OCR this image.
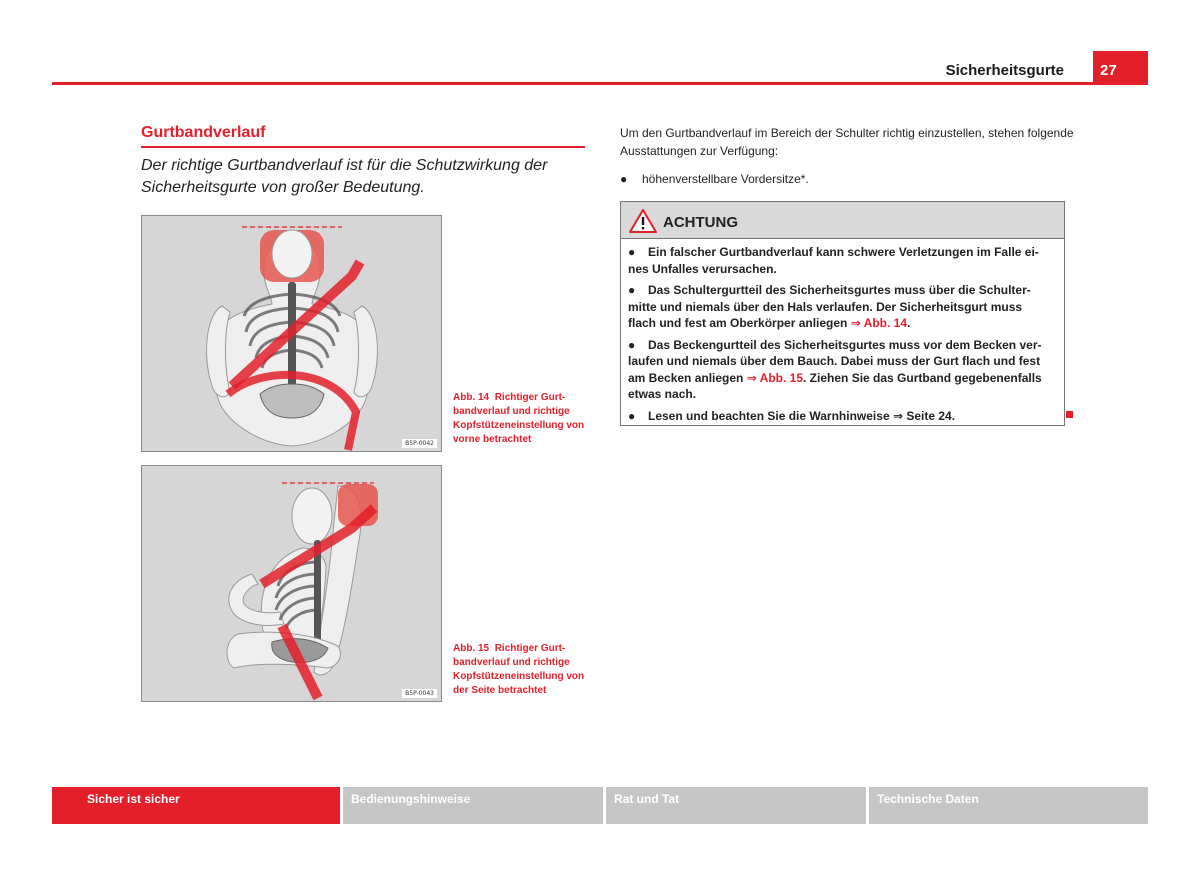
Sicherheitsgurte 27
Gurtbandverlauf
Der richtige Gurtbandverlauf ist für die Schutzwirkung der Sicherheitsgurte von großer Bedeutung.
B5P-0042
Abb. 14 Richtiger Gurtbandverlauf und richtige Kopfstützeneinstellung von vorne betrachtet
B5P-0043
Abb. 15 Richtiger Gurtbandverlauf und richtige Kopfstützeneinstellung von der Seite betrachtet
Um den Gurtbandverlauf im Bereich der Schulter richtig einzustellen, stehen folgende Ausstattungen zur Verfügung:
● höhenverstellbare Vordersitze*.
ACHTUNG
● Ein falscher Gurtbandverlauf kann schwere Verletzungen im Falle eines Unfalles verursachen.
● Das Schultergurtteil des Sicherheitsgurtes muss über die Schultermitte und niemals über den Hals verlaufen. Der Sicherheitsgurt muss flach und fest am Oberkörper anliegen ⇒ Abb. 14.
● Das Beckengurtteil des Sicherheitsgurtes muss vor dem Becken verlaufen und niemals über dem Bauch. Dabei muss der Gurt flach und fest am Becken anliegen ⇒ Abb. 15. Ziehen Sie das Gurtband gegebenenfalls etwas nach.
● Lesen und beachten Sie die Warnhinweise ⇒ Seite 24.
Sicher ist sicher	Bedienungshinweise	Rat und Tat	Technische Daten
